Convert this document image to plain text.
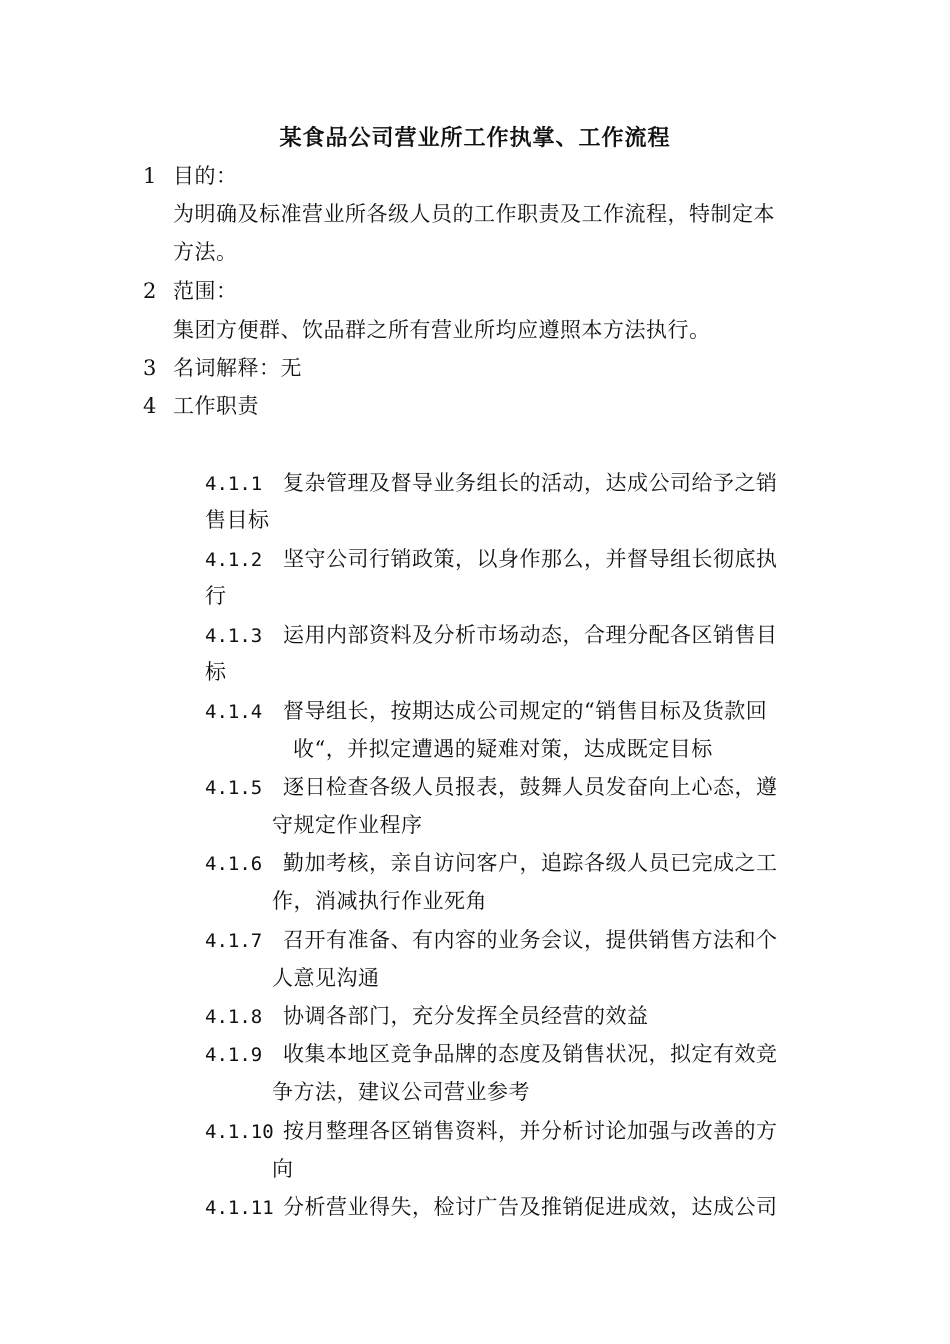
某食品公司营业所工作执掌、工作流程
1 目的：
为明确及标准营业所各级人员的工作职责及工作流程，特制定本
方法。
2 范围：
集团方便群、饮品群之所有营业所均应遵照本方法执行。
3 名词解释：无
4 工作职责
4.1.1 复杂管理及督导业务组长的活动，达成公司给予之销
售目标
4.1.2 坚守公司行销政策，以身作那么，并督导组长彻底执
行
4.1.3 运用内部资料及分析市场动态，合理分配各区销售目
标
4.1.4 督导组长，按期达成公司规定的“销售目标及货款回
收“，并拟定遭遇的疑难对策，达成既定目标
4.1.5 逐日检查各级人员报表，鼓舞人员发奋向上心态，遵
守规定作业程序
4.1.6 勤加考核，亲自访问客户，追踪各级人员已完成之工
作，消减执行作业死角
4.1.7 召开有准备、有内容的业务会议，提供销售方法和个
人意见沟通
4.1.8 协调各部门，充分发挥全员经营的效益
4.1.9 收集本地区竞争品牌的态度及销售状况，拟定有效竞
争方法，建议公司营业参考
4.1.10 按月整理各区销售资料，并分析讨论加强与改善的方
向
4.1.11 分析营业得失，检讨广告及推销促进成效，达成公司
